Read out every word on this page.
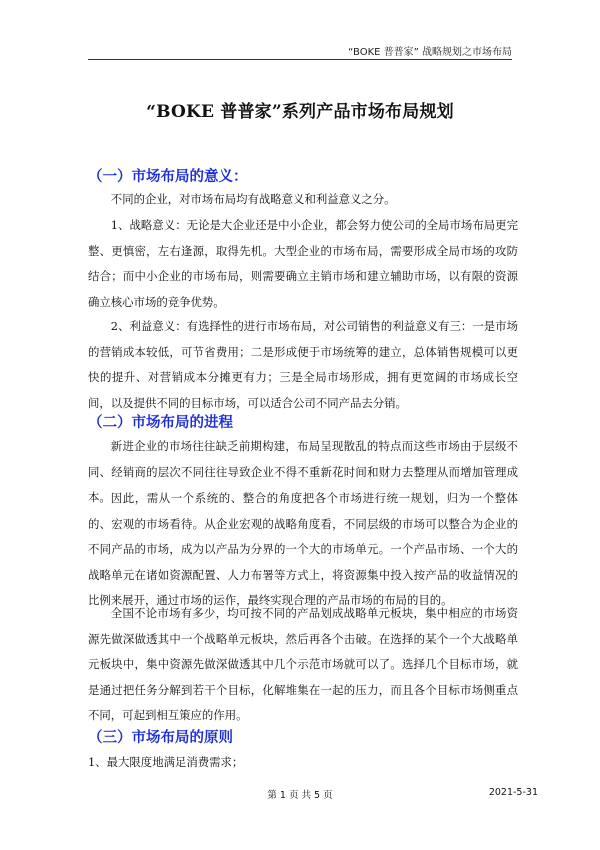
“BOKE 普普家” 战略规划之市场布局
“BOKE 普普家”系列产品市场布局规划
（一）市场布局的意义：

不同的企业，对市场布局均有战略意义和利益意义之分。

1、战略意义：无论是大企业还是中小企业，都会努力使公司的全局市场布局更完整、更慎密，左右逢源，取得先机。大型企业的市场布局，需要形成全局市场的攻防结合；而中小企业的市场布局，则需要确立主销市场和建立辅助市场，以有限的资源确立核心市场的竞争优势。

2、利益意义：有选择性的进行市场布局，对公司销售的利益意义有三：一是市场的营销成本较低，可节省费用；二是形成便于市场统筹的建立，总体销售规模可以更快的提升、对营销成本分摊更有力；三是全局市场形成，拥有更宽阔的市场成长空间，以及提供不同的目标市场，可以适合公司不同产品去分销。

（二）市场布局的进程

新进企业的市场往往缺乏前期构建，布局呈现散乱的特点而这些市场由于层级不同、经销商的层次不同往往导致企业不得不重新花时间和财力去整理从而增加管理成本。 因此，需从一个系统的、整合的角度把各个市场进行统一规划，归为一个整体的、宏观的市场看待。从企业宏观的战略角度看，不同层级的市场可以整合为企业的不同产品的市场，成为以产品为分界的一个大的市场单元。一个产品市场、一个大的战略单元在诸如资源配置、人力布署等方式上，将资源集中投入按产品的收益情况的比例来展开，通过市场的运作，最终实现合理的产品市场的布局的目的。

全国不论市场有多少，均可按不同的产品划成战略单元板块，集中相应的市场资源先做深做透其中一个战略单元板块，然后再各个击破。在选择的某个一个大战略单元板块中，集中资源先做深做透其中几个示范市场就可以了。选择几个目标市场，就是通过把任务分解到若干个目标，化解堆集在一起的压力，而且各个目标市场侧重点不同，可起到相互策应的作用。

（三）市场布局的原则

1、最大限度地满足消费需求；

第 1 页 共 5 页	2021-5-31
